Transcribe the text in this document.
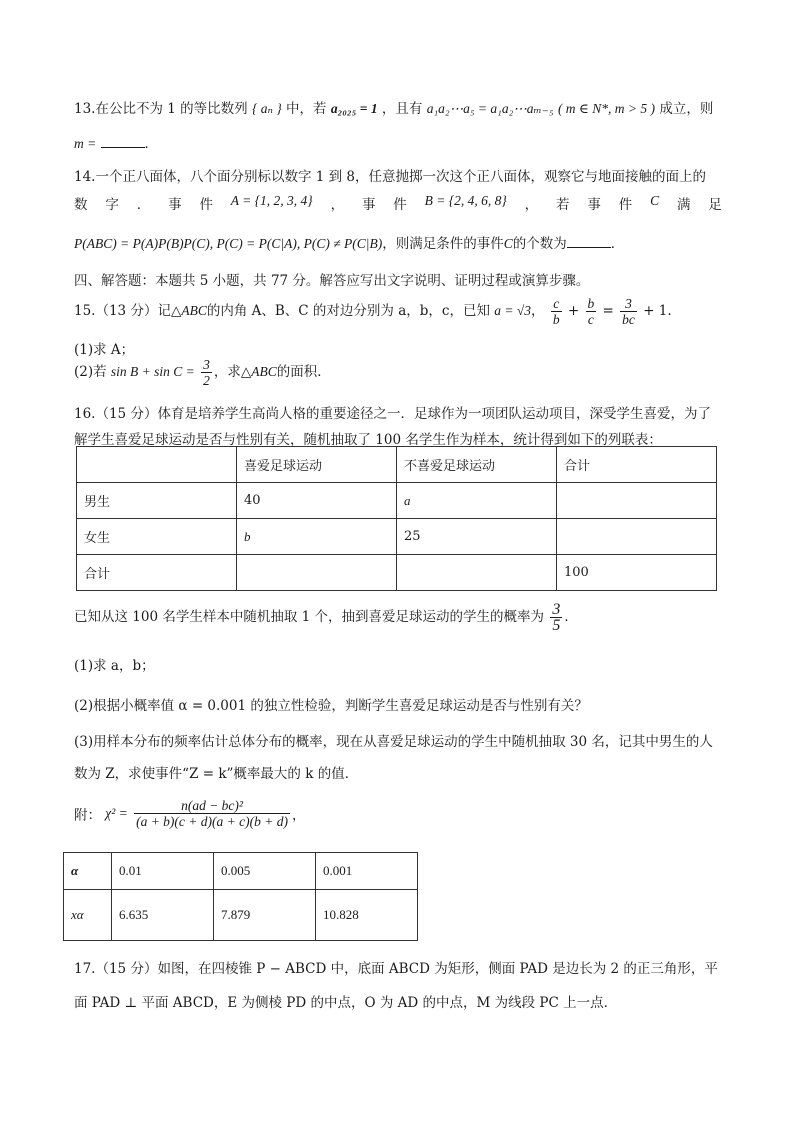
13.在公比不为 1 的等比数列 { aₙ } 中，若 a₂₀₂₅ = 1 ，且有 a₁a₂⋯a₅ = a₁a₂⋯aₘ₋₅ ( m ∈ N*, m > 5 ) 成立，则
m =	．
14.一个正八面体，八个面分别标以数字 1 到 8，任意抛掷一次这个正八面体，观察它与地面接触的面上的
数 字 ． 事 件 A = {1, 2, 3, 4} ， 事 件 B = {2, 4, 6, 8} ， 若 事 件 C 满 足
P(ABC) = P(A)P(B)P(C), P(C) = P(C|A), P(C) ≠ P(C|B)，则满足条件的事件C的个数为	．
四、解答题：本题共 5 小题，共 77 分。解答应写出文字说明、证明过程或演算步骤。
15.（13 分）记△ABC的内角 A、B、C 的对边分别为 a，b，c，已知 a = √3， $\frac{c}{b} + \frac{b}{c} = \frac{3}{bc} + 1$.
(1)求 A；
(2)若 $\sin B + \sin C = \frac{3}{2}$ ，求△ABC的面积．
16.（15 分）体育是培养学生高尚人格的重要途径之一．足球作为一项团队运动项目，深受学生喜爱，为了
解学生喜爱足球运动是否与性别有关，随机抽取了 100 名学生作为样本，统计得到如下的列联表：
	喜爱足球运动	不喜爱足球运动	合计
男生	40	a	
女生	b	25	
合计			100
已知从这 100 名学生样本中随机抽取 1 个，抽到喜爱足球运动的学生的概率为 $\frac{3}{5}$ ．
(1)求 a，b；
(2)根据小概率值 α = 0.001 的独立性检验，判断学生喜爱足球运动是否与性别有关？
(3)用样本分布的频率估计总体分布的概率，现在从喜爱足球运动的学生中随机抽取 30 名，记其中男生的人
数为 Z，求使事件“Z = k”概率最大的 k 的值．
附： $\chi^2 = \frac{\text{n(ad − bc)²}}{(a + b)(c + d)(a + c)(b + d)}$ ，
α	0.01	0.005	0.001
xα	6.635	7.879	10.828
17.（15 分）如图，在四棱锥 P − ABCD 中，底面 ABCD 为矩形，侧面 PAD 是边长为 2 的正三角形，平
面 PAD ⊥ 平面 ABCD，E 为侧棱 PD 的中点，O 为 AD 的中点，M 为线段 PC 上一点．
